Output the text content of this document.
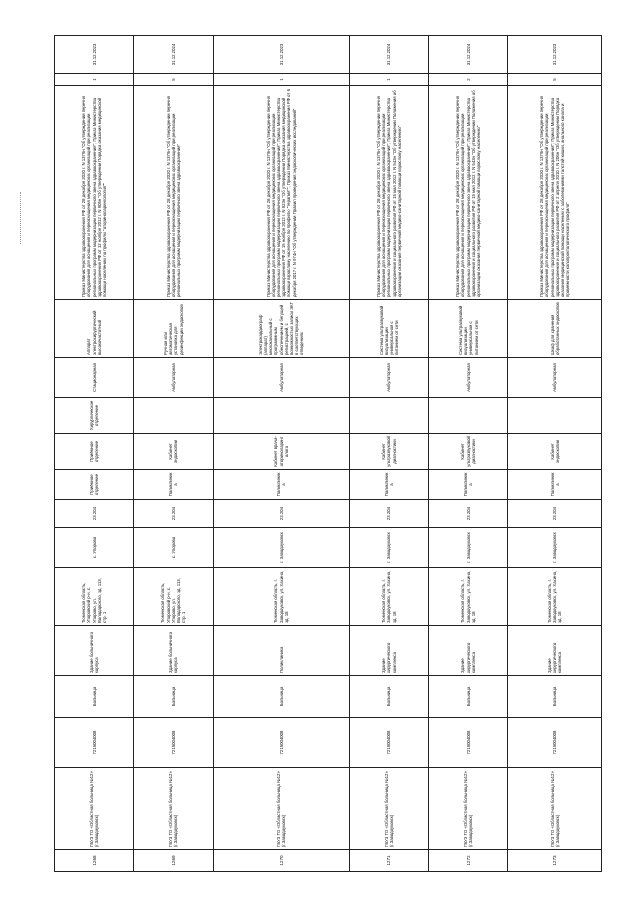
1268	ГБУЗ ТО «Областная больница №12» (г.Заводоуковск)	7215004008	Больница	Здание больничного корпуса	Тюменская область, Упоровский р-н, с. Упорово, ул. Володарского, зд. 113, стр. 1	с. Упорово	23.204	Приёмное отделение	Приёмное отделение	Хирургическое отделение	Стационарная	Аппарат электрохирургический высокочастотный	Приказ Министерства здравоохранения РФ от 28 декабря 2020 г. N 1379н "Об утверждении перечня оборудования для оснащения и переоснащения медицинских организаций при реализации региональных программ модернизации первичного звена здравоохранения"; Приказ Министерства здравоохранения РФ от 12 ноября 2012 г. N 905н "Об утверждении Порядка оказания медицинской помощи населению по профилю "оториноларингология""	1	31.12.2023
1269	ГБУЗ ТО «Областная больница №12» (г.Заводоуковск)	7215004008	Больница	Здание больничного корпуса	Тюменская область, Упоровский р-н, с. Упорово, ул. Володарского, зд. 113, стр. 1	с. Упорово	23.204	Поликлиника	Кабинет эндоскопии		Амбулаторная	Ручная или автоматическая установка для дезинфекции эндоскопов	Приказ Министерства здравоохранения РФ от 28 декабря 2020 г. N 1379н "Об утверждении перечня оборудования для оснащения и переоснащения медицинских организаций при реализации региональных программ модернизации первичного звена здравоохранения"	5	31.12.2024
1270	ГБУЗ ТО «Областная больница №12» (г.Заводоуковск)	7215004008	Больница	Поликлиника	Тюменская область, г. Заводоуковск, ул. Хахина, зд. 18	г. Заводоуковск	23.204	Поликлиника	Кабинет врача-оториноларинголога		Амбулаторная	Электрокардиограф (аппарат) многоканальный с программным обеспечением и бегущей регистрацией, с возможностью записи ЭКГ в соответствующих отведениях	Приказ Министерства здравоохранения РФ от 28 декабря 2020 г. N 1379н "Об утверждении перечня оборудования для оснащения и переоснащения медицинских организаций при реализации региональных программ модернизации первичного звена здравоохранения"; Приказ Министерства здравоохранения РФ от 15 ноября 2012 г. N 923н "Об утверждении Порядка оказания медицинской помощи взрослому населению по профилю "терапия""; Приказ Министерства здравоохранения РФ от 6 декабря 2017 г. N 974н "Об утверждении Правил проведения эндоскопических исследований"	1	31.12.2023
1271	ГБУЗ ТО «Областная больница №12» (г.Заводоуковск)	7215004008	Больница	Здание хирургического комплекса	Тюменская область, г. Заводоуковск, ул. Хахина, зд. 18	г. Заводоуковск	23.204	Поликлиника	Кабинет ультразвуковой диагностики		Амбулаторная	Система ультразвуковой визуализации универсальная с питанием от сети	Приказ Министерства здравоохранения РФ от 28 декабря 2020 г. N 1379н "Об утверждении перечня оборудования для оснащения и переоснащения медицинских организаций при реализации региональных программ модернизации первичного звена здравоохранения"; Приказ Министерства здравоохранения и социального развития РФ от 15 мая 2012 г. N 543н "Об утверждении Положения об организации оказания первичной медико-санитарной помощи взрослому населению"	1	31.12.2024
1272	ГБУЗ ТО «Областная больница №12» (г.Заводоуковск)	7215004008	Больница	Здание хирургического комплекса	Тюменская область, г. Заводоуковск, ул. Хахина, зд. 18	г. Заводоуковск	23.204	Поликлиника	Кабинет ультразвуковой диагностики		Амбулаторная	Система ультразвуковой визуализации универсальная с питанием от сети	Приказ Министерства здравоохранения РФ от 28 декабря 2020 г. N 1379н "Об утверждении перечня оборудования для оснащения и переоснащения медицинских организаций при реализации региональных программ модернизации первичного звена здравоохранения"; Приказ Министерства здравоохранения и социального развития РФ от 15 мая 2012 г. N 543н "Об утверждении Положения об организации оказания первичной медико-санитарной помощи взрослому населению"	2	31.12.2024
1273	ГБУЗ ТО «Областная больница №12» (г.Заводоуковск)	7215004008	Больница	Здание хирургического комплекса	Тюменская область, г. Заводоуковск, ул. Хахина, зд. 18	г. Заводоуковск	23.204	Поликлиника	Кабинет эндоскопии		Амбулаторная	Шкаф для хранения обработанных эндоскопов	Приказ Министерства здравоохранения РФ от 28 декабря 2020 г. N 1379н "Об утверждении перечня оборудования для оснащения и переоснащения медицинских организаций при реализации региональных программ модернизации первичного звена здравоохранения"; Приказ Министерства здравоохранения и социального развития РФ от 2 апреля 2010 г. N 206н "Об утверждении Порядка оказания медицинской помощи населению с заболеваниями толстой кишки, анального канала и промежности колопроктологического профиля"	5	31.12.2023
